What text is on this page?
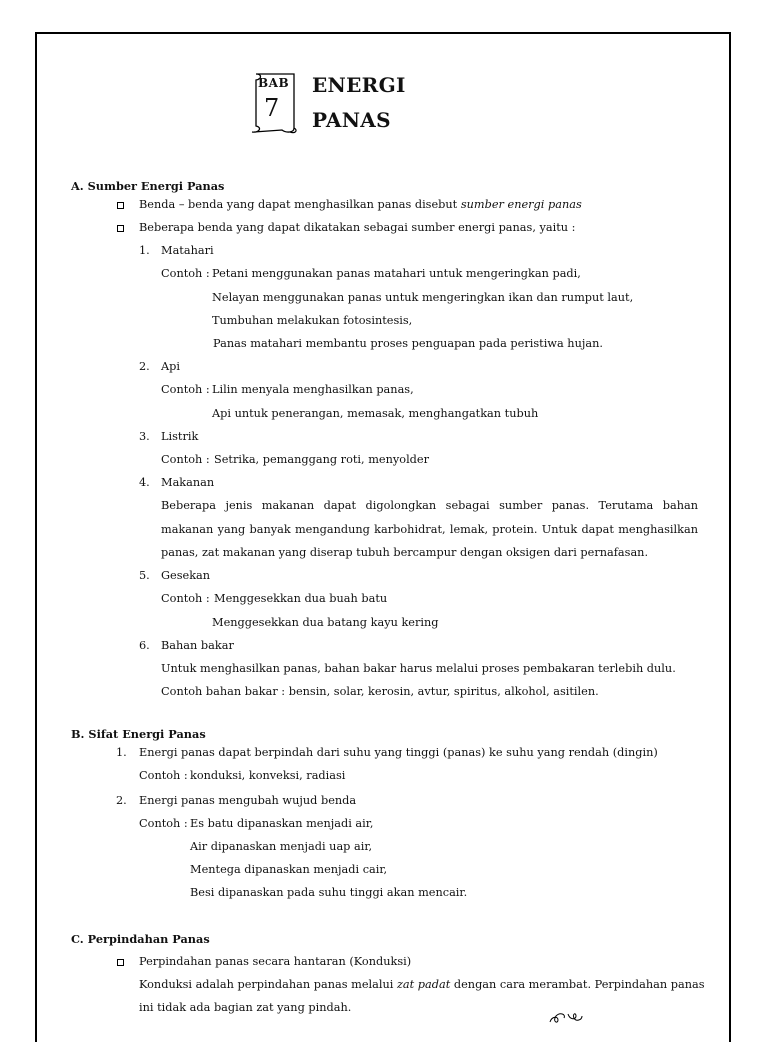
BAB
7
ENERGI
PANAS
A. Sumber Energi Panas
Benda – benda yang dapat menghasilkan panas disebut sumber energi panas
Beberapa benda yang dapat dikatakan sebagai sumber energi panas, yaitu :
1. Matahari
Contoh : Petani menggunakan panas matahari untuk mengeringkan padi,
Nelayan menggunakan panas untuk mengeringkan ikan dan rumput laut,
Tumbuhan melakukan fotosintesis,
Panas matahari membantu proses penguapan pada peristiwa hujan.
2. Api
Contoh : Lilin menyala menghasilkan panas,
Api untuk penerangan, memasak, menghangatkan tubuh
3. Listrik
Contoh : Setrika, pemanggang roti, menyolder
4. Makanan
Beberapa jenis makanan dapat digolongkan sebagai sumber panas. Terutama bahan makanan yang banyak mengandung karbohidrat, lemak, protein. Untuk dapat menghasilkan panas, zat makanan yang diserap tubuh bercampur dengan oksigen dari pernafasan.
5. Gesekan
Contoh : Menggesekkan dua buah batu
Menggesekkan dua batang kayu kering
6. Bahan bakar
Untuk menghasilkan panas, bahan bakar harus melalui proses pembakaran terlebih dulu.
Contoh bahan bakar : bensin, solar, kerosin, avtur, spiritus, alkohol, asitilen.
B. Sifat Energi Panas
1. Energi panas dapat berpindah dari suhu yang tinggi (panas) ke suhu yang rendah (dingin)
Contoh : konduksi, konveksi, radiasi
2. Energi panas mengubah wujud benda
Contoh : Es batu dipanaskan menjadi air,
Air dipanaskan menjadi uap air,
Mentega dipanaskan menjadi cair,
Besi dipanaskan pada suhu tinggi akan mencair.
C. Perpindahan Panas
Perpindahan panas secara hantaran (Konduksi)
Konduksi adalah perpindahan panas melalui zat padat dengan cara merambat. Perpindahan panas
ini tidak ada bagian zat yang pindah.
